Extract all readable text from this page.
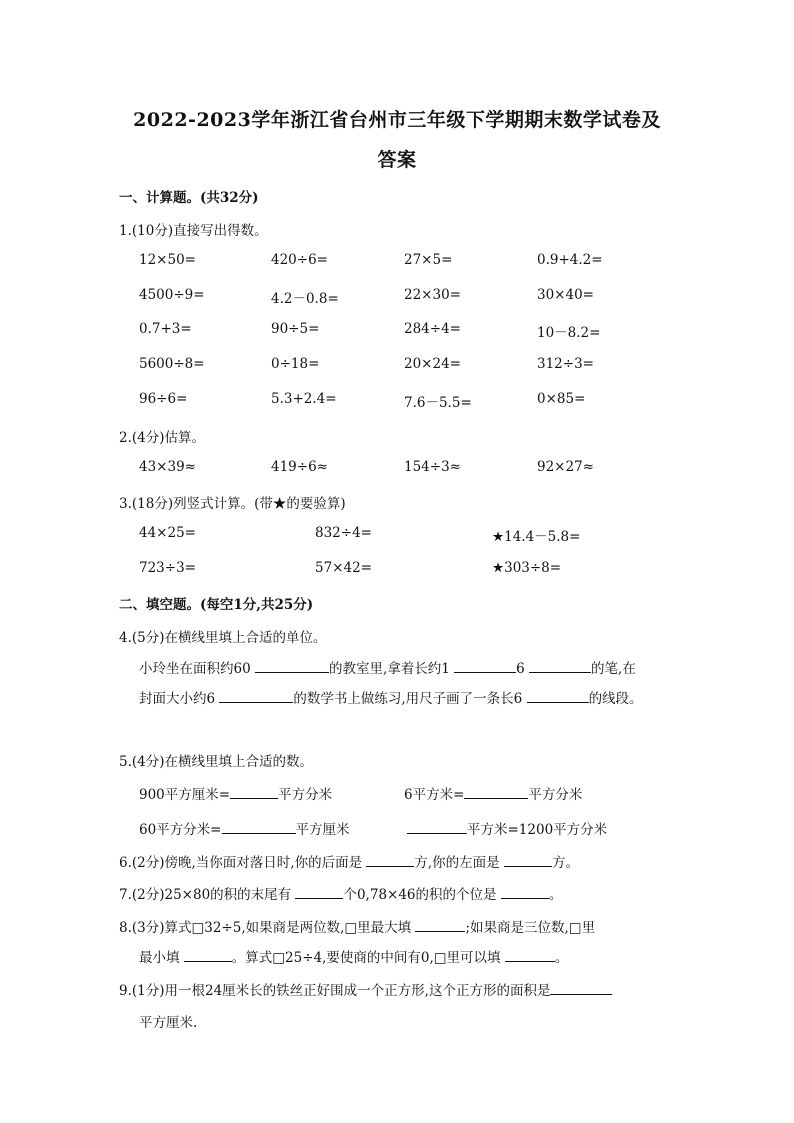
2022-2023学年浙江省台州市三年级下学期期末数学试卷及
答案
一、计算题。(共32分)
1.(10分)直接写出得数。
12×50=	420÷6=	27×5=	0.9+4.2=
4500÷9=	4.2－0.8=	22×30=	30×40=
0.7+3=	90÷5=	284÷4=	10－8.2=
5600÷8=	0÷18=	20×24=	312÷3=
96÷6=	5.3+2.4=	7.6－5.5=	0×85=
2.(4分)估算。
43×39≈	419÷6≈	154÷3≈	92×27≈
3.(18分)列竖式计算。(带★的要验算)
44×25=	832÷4=	★14.4－5.8=
723÷3=	57×42=	★303÷8=
二、填空题。(每空1分,共25分)
4.(5分)在横线里填上合适的单位。
小玲坐在面积约60	的教室里,拿着长约1	6	的笔,在
封面大小约6	的数学书上做练习,用尺子画了一条长6	的线段。
5.(4分)在横线里填上合适的数。
900平方厘米=	平方分米	6平方米=	平方分米
60平方分米=	平方厘米	平方米=1200平方分米
6.(2分)傍晚,当你面对落日时,你的后面是	方,你的左面是	方。
7.(2分)25×80的积的末尾有	个0,78×46的积的个位是	。
8.(3分)算式□32÷5,如果商是两位数,□里最大填	;如果商是三位数,□里
最小填	。算式□25÷4,要使商的中间有0,□里可以填	。
9.(1分)用一根24厘米长的铁丝正好围成一个正方形,这个正方形的面积是
平方厘米.
